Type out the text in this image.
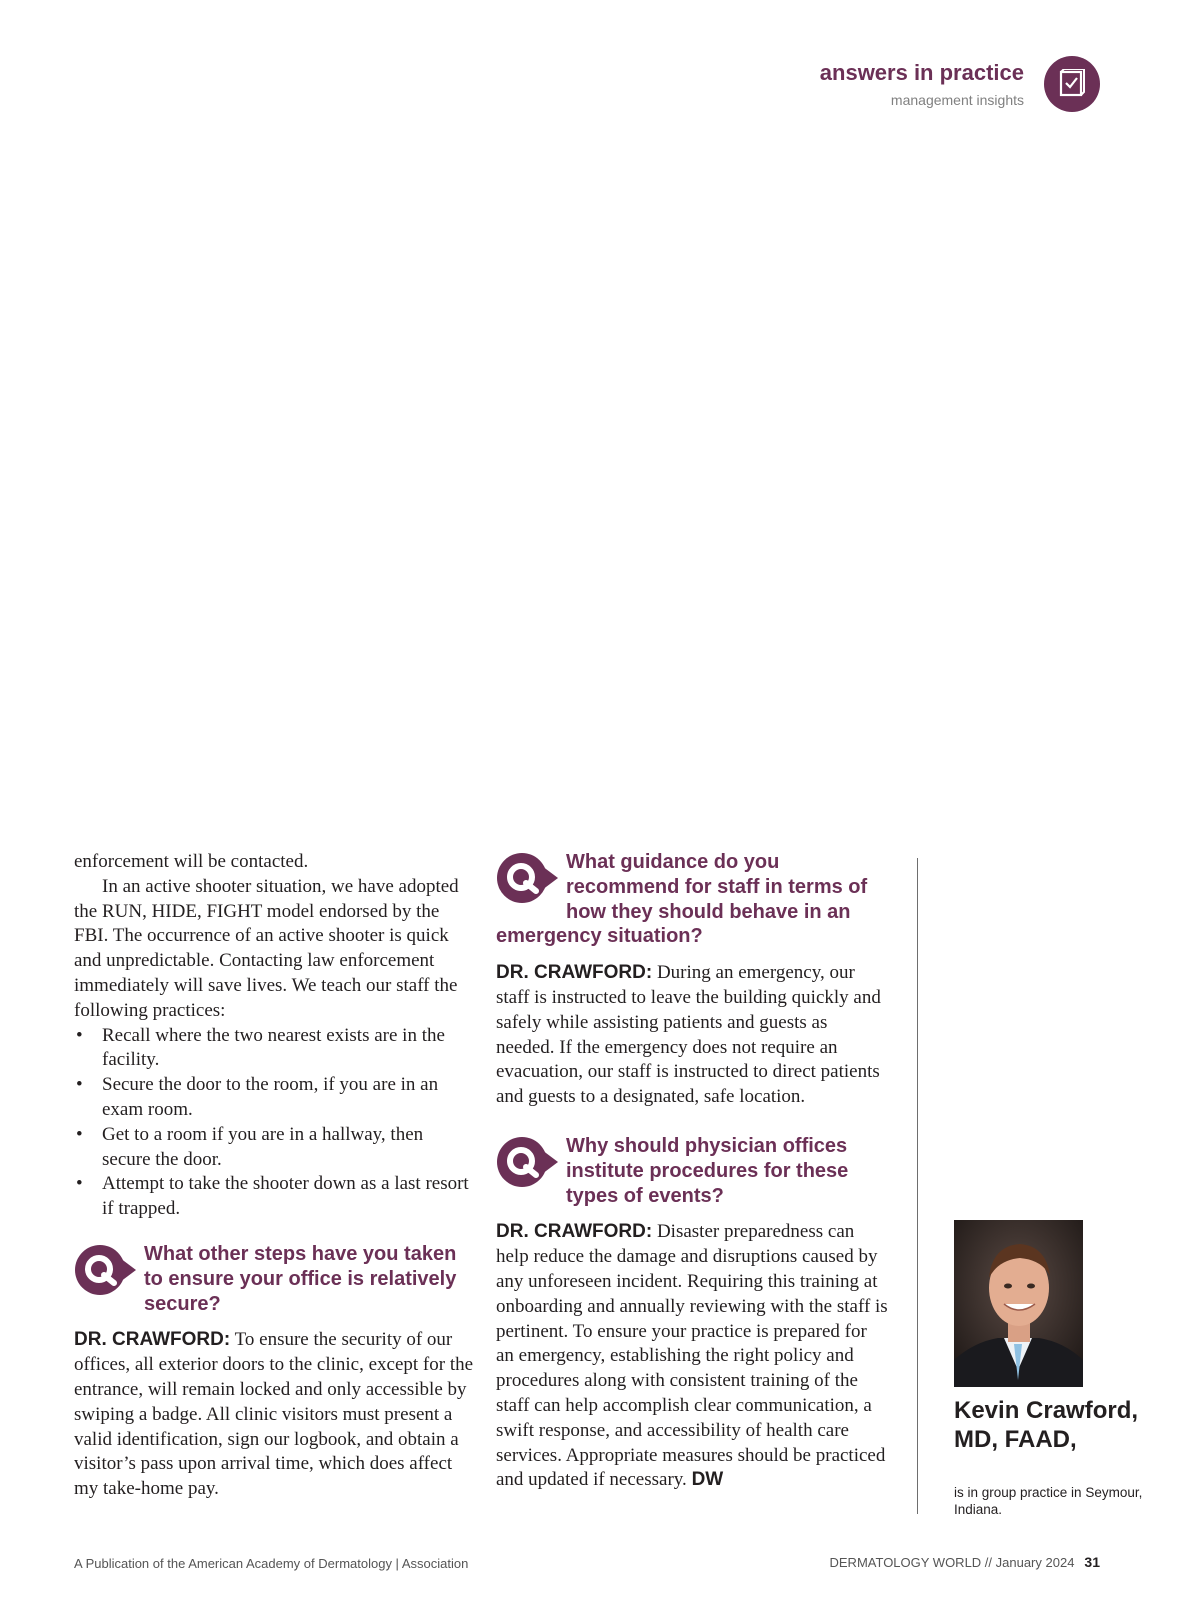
answers in practice
management insights

enforcement will be contacted.

In an active shooter situation, we have adopted the RUN, HIDE, FIGHT model endorsed by the FBI. The occurrence of an active shooter is quick and unpredictable. Contacting law enforcement immediately will save lives. We teach our staff the following practices:

• Recall where the two nearest exists are in the facility.
• Secure the door to the room, if you are in an exam room.
• Get to a room if you are in a hallway, then secure the door.
• Attempt to take the shooter down as a last resort if trapped.
What other steps have you taken to ensure your office is relatively secure?

DR. CRAWFORD: To ensure the security of our offices, all exterior doors to the clinic, except for the entrance, will remain locked and only accessible by swiping a badge. All clinic visitors must present a valid identification, sign our logbook, and obtain a visitor’s pass upon arrival time, which does affect my take-home pay.

What guidance do you recommend for staff in terms of how they should behave in an emergency situation?

DR. CRAWFORD: During an emergency, our staff is instructed to leave the building quickly and safely while assisting patients and guests as needed. If the emergency does not require an evacuation, our staff is instructed to direct patients and guests to a designated, safe location.

Why should physician offices institute procedures for these types of events?

DR. CRAWFORD: Disaster preparedness can help reduce the damage and disruptions caused by any unforeseen incident. Requiring this training at onboarding and annually reviewing with the staff is pertinent. To ensure your practice is prepared for an emergency, establishing the right policy and procedures along with consistent training of the staff can help accomplish clear communication, a swift response, and accessibility of health care services. Appropriate measures should be practiced and updated if necessary. DW

Kevin Crawford, MD, FAAD,
is in group practice in Seymour, Indiana.
A Publication of the American Academy of Dermatology | Association	DERMATOLOGY WORLD // January 2024 31
